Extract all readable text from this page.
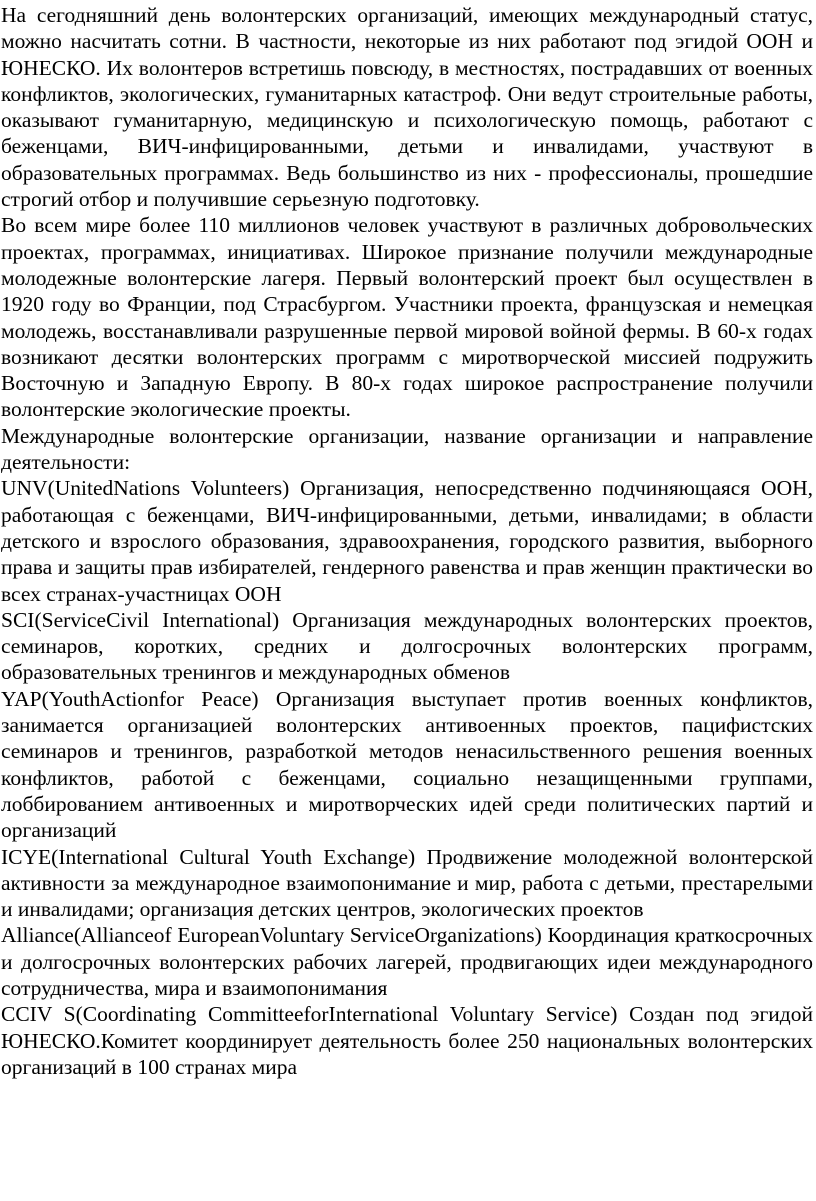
На сегодняшний день волонтерских организаций, имеющих международный статус, можно насчитать сотни. В частности, некоторые из них работают под эгидой ООН и ЮНЕСКО. Их волонтеров встретишь повсюду, в местностях, пострадавших от военных конфликтов, экологических, гуманитарных катастроф. Они ведут строительные работы, оказывают гуманитарную, медицинскую и психологическую помощь, работают с беженцами, ВИЧ-инфицированными, детьми и инвалидами, участвуют в образовательных программах. Ведь большинство из них - профессионалы, прошедшие строгий отбор и получившие серьезную подготовку.

Во всем мире более 110 миллионов человек участвуют в различных добровольческих проектах, программах, инициативах. Широкое признание получили международные молодежные волонтерские лагеря. Первый волонтерский проект был осуществлен в 1920 году во Франции, под Страсбургом. Участники проекта, французская и немецкая молодежь, восстанавливали разрушенные первой мировой войной фермы. В 60-х годах возникают десятки волонтерских программ с миротворческой миссией подружить Восточную и Западную Европу. В 80-х годах широкое распространение получили волонтерские экологические проекты.

Международные волонтерские организации, название организации и направление деятельности:

UNV(UnitedNations Volunteers) Организация, непосредственно подчиняющаяся ООН, работающая с беженцами, ВИЧ-инфицированными, детьми, инвалидами; в области детского и взрослого образования, здравоохранения, городского развития, выборного права и защиты прав избирателей, гендерного равенства и прав женщин практически во всех странах-участницах ООН

SCI(ServiceCivil International) Организация международных волонтерских проектов, семинаров, коротких, средних и долгосрочных волонтерских программ, образовательных тренингов и международных обменов

YAP(YouthActionfor Peace) Организация выступает против военных конфликтов, занимается организацией волонтерских антивоенных проектов, пацифистских семинаров и тренингов, разработкой методов ненасильственного решения военных конфликтов, работой с беженцами, социально незащищенными группами, лоббированием антивоенных и миротворческих идей среди политических партий и организаций

ICYE(International Cultural Youth Exchange) Продвижение молодежной волонтерской активности за международное взаимопонимание и мир, работа с детьми, престарелыми и инвалидами; организация детских центров, экологических проектов

Alliance(Allianceof EuropeanVoluntary ServiceOrganizations) Координация краткосрочных и долгосрочных волонтерских рабочих лагерей, продвигающих идеи международного сотрудничества, мира и взаимопонимания

CCIV S(Coordinating CommitteeforInternational Voluntary Service) Создан под эгидой ЮНЕСКО.Комитет координирует деятельность более 250 национальных волонтерских организаций в 100 странах мира
